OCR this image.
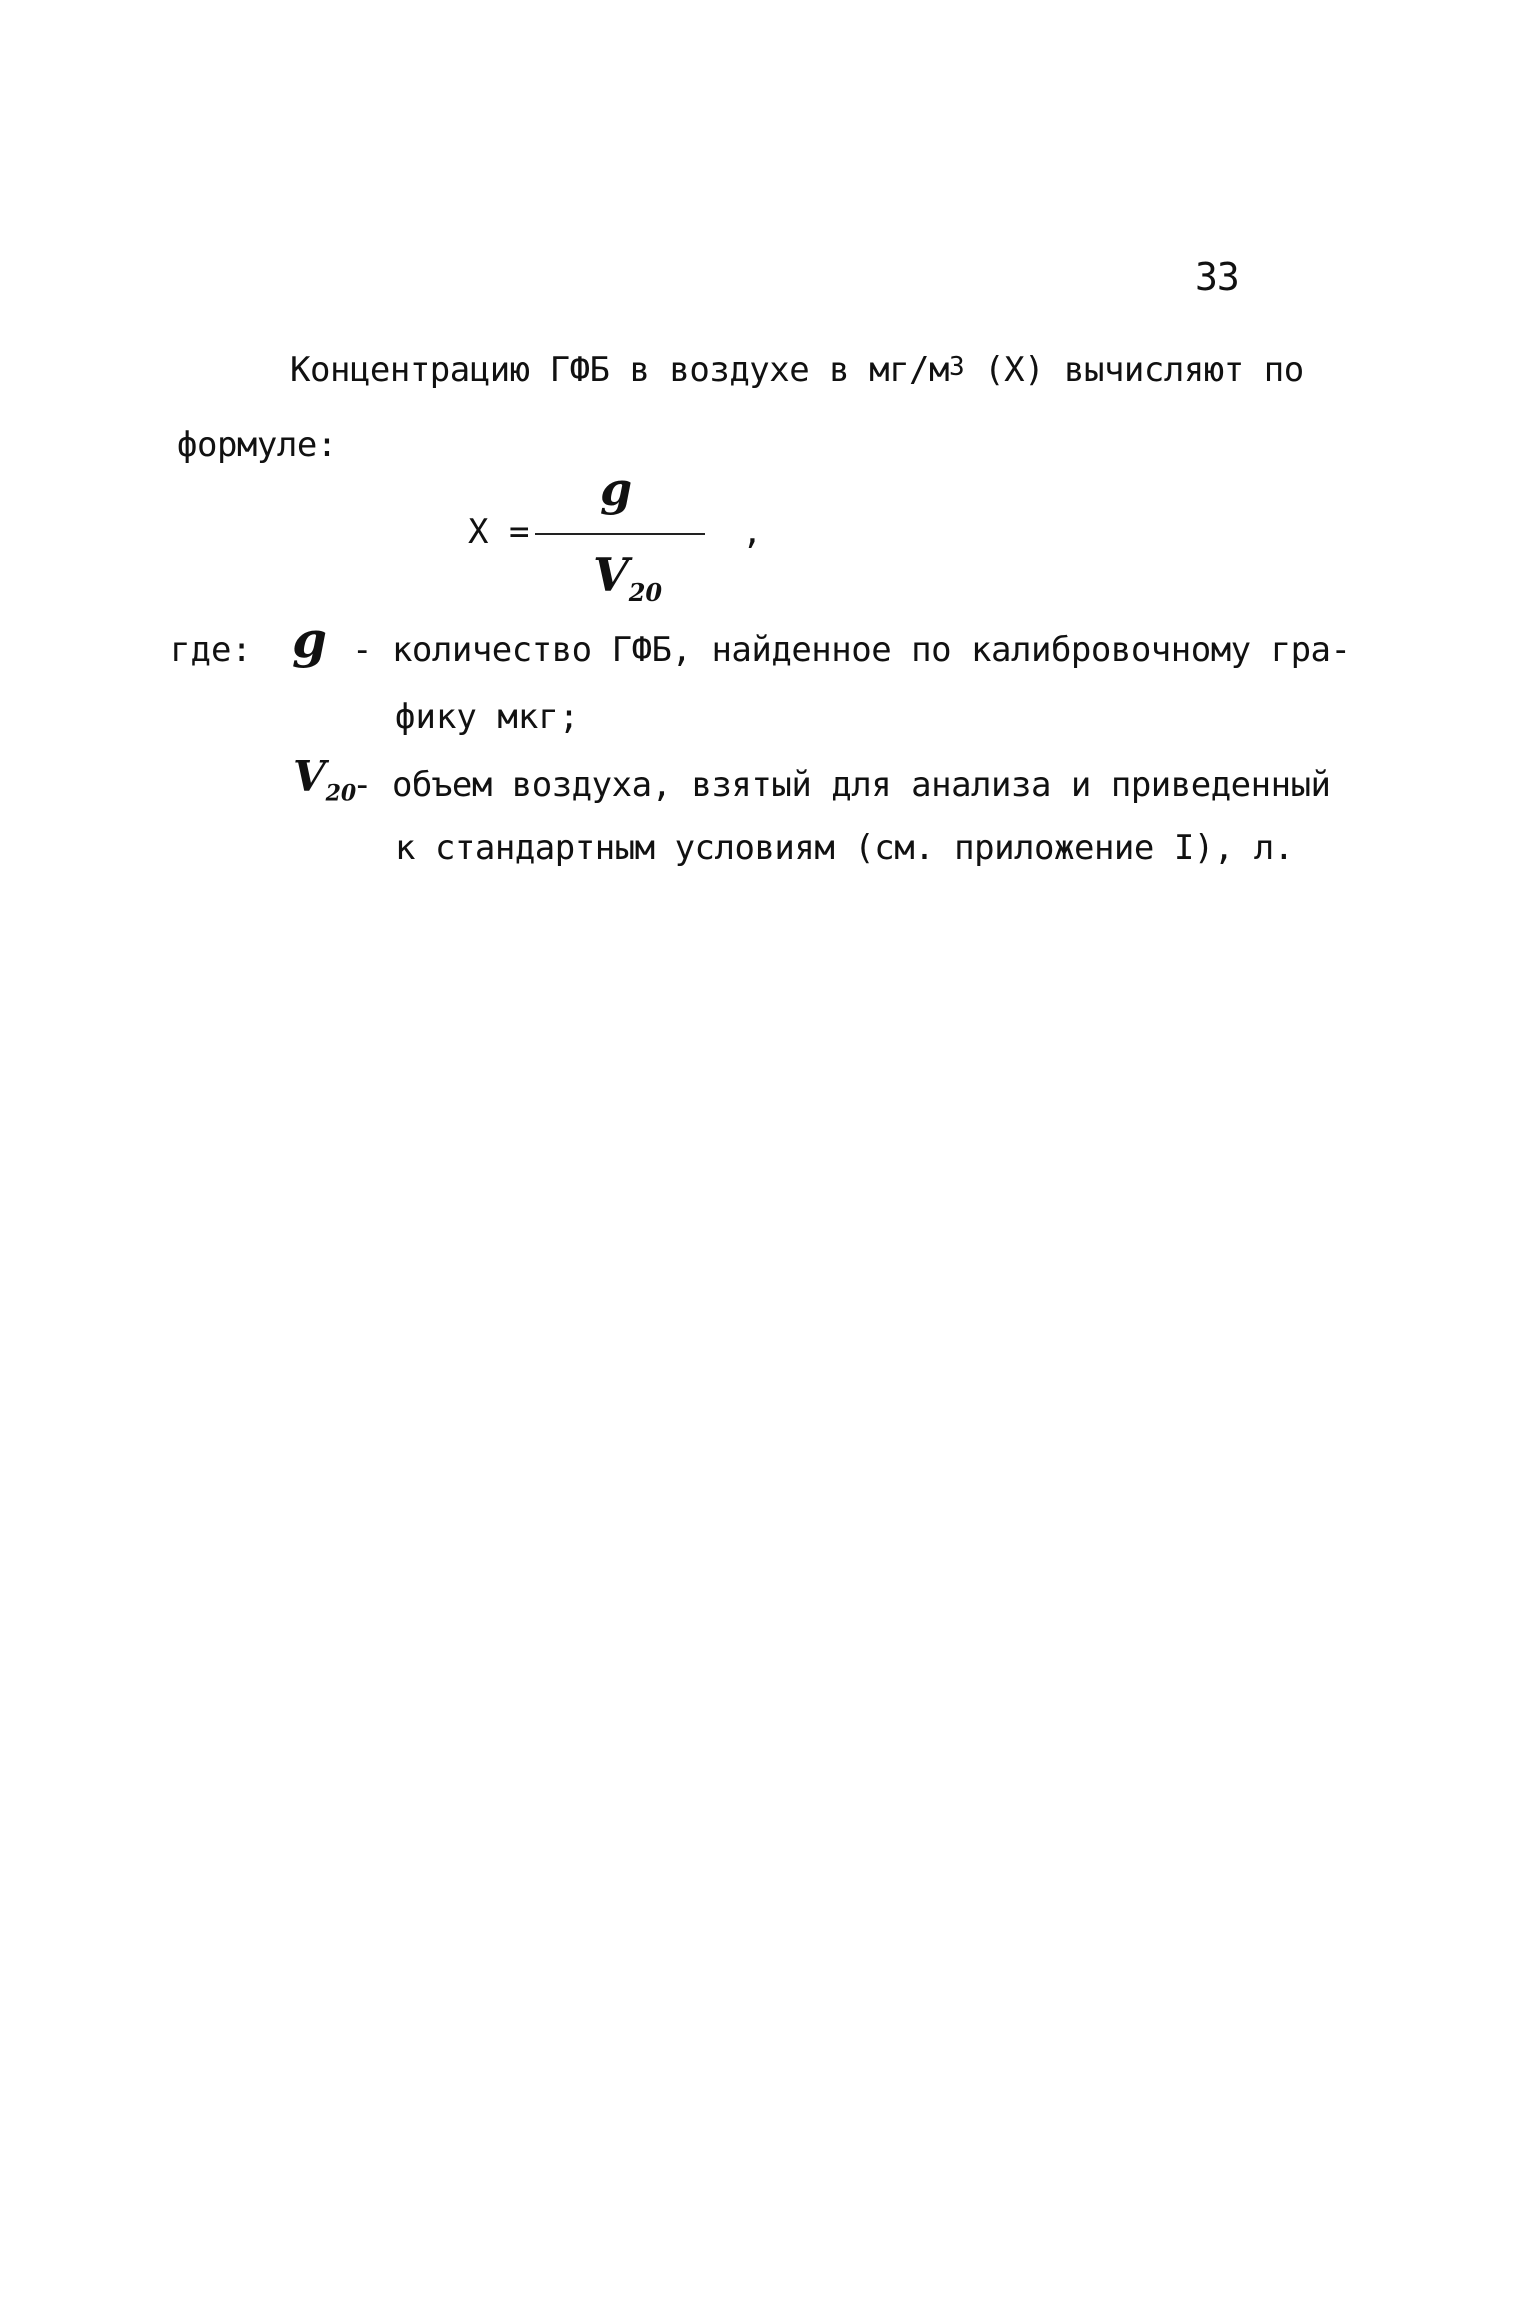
33
Концентрацию ГФБ в воздухе в $мг/м^3$ (X) вычисляют по
формуле:
X =
g
$V_{20}$
,
где: g - количество ГФБ, найденное по калибровочному гра-
фику мкг;
$V_{20}$
- объем воздуха, взятый для анализа и приведенный
к стандартным условиям (см. приложение I), л.
